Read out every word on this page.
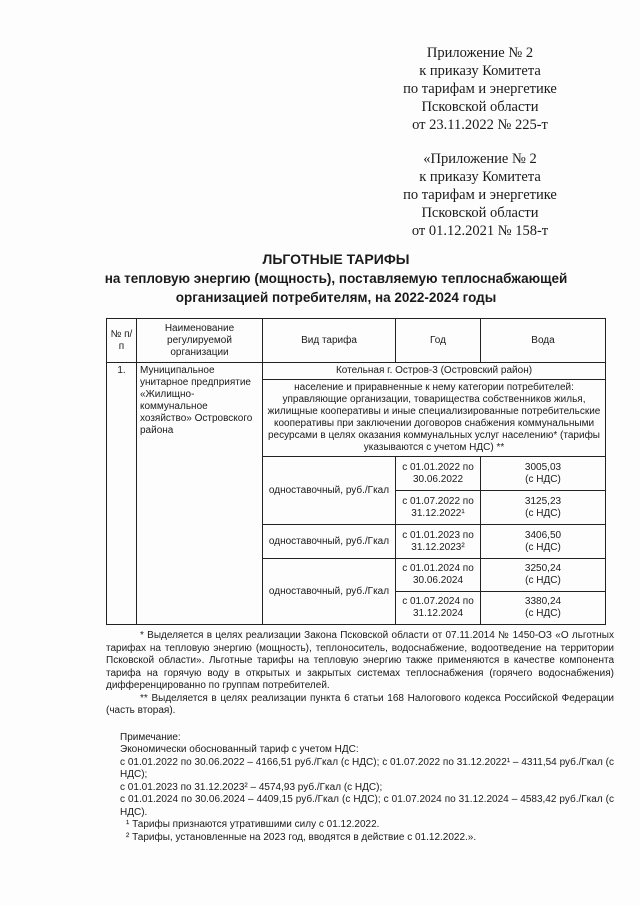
Приложение № 2
к приказу Комитета
по тарифам и энергетике
Псковской области
от 23.11.2022 № 225-т
«Приложение № 2
к приказу Комитета
по тарифам и энергетике
Псковской области
от 01.12.2021 № 158-т
ЛЬГОТНЫЕ ТАРИФЫ
на тепловую энергию (мощность), поставляемую теплоснабжающей
организацией потребителям, на 2022-2024 годы
№ п/п	Наименование регулируемой организации	Вид тарифа	Год	Вода
1.	Муниципальное унитарное предприятие «Жилищно-коммунальное хозяйство» Островского района	Котельная г. Остров-3 (Островский район)		
		население и приравненные к нему категории потребителей: управляющие организации, товарищества собственников жилья, жилищные кооперативы и иные специализированные потребительские кооперативы при заключении договоров снабжения коммунальными ресурсами в целях оказания коммунальных услуг населению* (тарифы указываются с учетом НДС) **		
		одноставочный, руб./Гкал	с 01.01.2022 по 30.06.2022	3005,03
(с НДС)

			с 01.07.2022 по 31.12.2022¹	3125,23
(с НДС)

		одноставочный, руб./Гкал	с 01.01.2023 по 31.12.2023²	3406,50
(с НДС)

		одноставочный, руб./Гкал	с 01.01.2024 по 30.06.2024	3250,24
(с НДС)

			с 01.07.2024 по 31.12.2024	3380,24
(с НДС)

* Выделяется в целях реализации Закона Псковской области от 07.11.2014 № 1450-ОЗ «О льготных тарифах на тепловую энергию (мощность), теплоноситель, водоснабжение, водоотведение на территории Псковской области». Льготные тарифы на тепловую энергию также применяются в качестве компонента тарифа на горячую воду в открытых и закрытых системах теплоснабжения (горячего водоснабжения) дифференцированно по группам потребителей.

** Выделяется в целях реализации пункта 6 статьи 168 Налогового кодекса Российской Федерации (часть вторая).

Примечание:

Экономически обоснованный тариф с учетом НДС:

с 01.01.2022 по 30.06.2022 – 4166,51 руб./Гкал (с НДС); с 01.07.2022 по 31.12.2022¹ – 4311,54 руб./Гкал (с НДС);

с 01.01.2023 по 31.12.2023² – 4574,93 руб./Гкал (с НДС);

с 01.01.2024 по 30.06.2024 – 4409,15 руб./Гкал (с НДС); с 01.07.2024 по 31.12.2024 – 4583,42 руб./Гкал (с НДС).

¹ Тарифы признаются утратившими силу с 01.12.2022.

² Тарифы, установленные на 2023 год, вводятся в действие с 01.12.2022.».
